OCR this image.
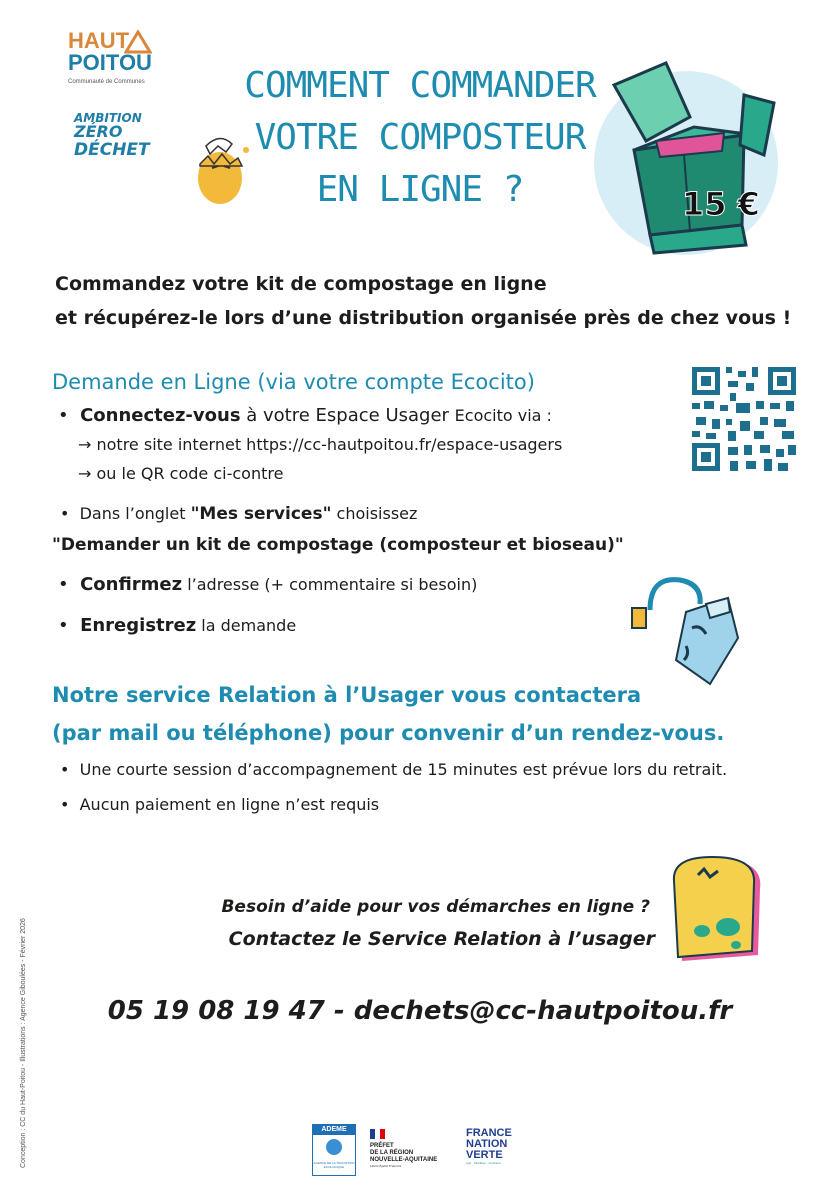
HAUT
POITOU
Communauté de Communes
AMBITION
ZÉRO
DÉCHET
COMMENT COMMANDER
VOTRE COMPOSTEUR
EN LIGNE ?	15 €
Commandez votre kit de compostage en ligne
et récupérez-le lors d’une distribution organisée près de chez vous !
Demande en Ligne (via votre compte Ecocito)
•  Connectez-vous à votre Espace Usager Ecocito via :
→ notre site internet https://cc-hautpoitou.fr/espace-usagers
→ ou le QR code ci-contre
•  Dans l’onglet "Mes services" choisissez
"Demander un kit de compostage (composteur et bioseau)"
•  Confirmez l’adresse (+ commentaire si besoin)
•  Enregistrez la demande
Notre service Relation à l’Usager vous contactera
(par mail ou téléphone) pour convenir d’un rendez-vous.
•  Une courte session d’accompagnement de 15 minutes est prévue lors du retrait.
•  Aucun paiement en ligne n’est requis
Besoin d’aide pour vos démarches en ligne ?
Contactez le Service Relation à l’usager
05 19 08 19 47 - dechets@cc-hautpoitou.fr
Conception : CC du Haut-Poitou - Illustrations : Agence Giboulées - Février 2026	ADEME
AGENCE DE LA TRANSITION ÉCOLOGIQUE
PRÉFET
DE LA RÉGION
NOUVELLE-AQUITAINE
Liberté Égalité Fraternité
FRANCE
NATION
VERTE
Agir · Mobiliser · Accélérer
